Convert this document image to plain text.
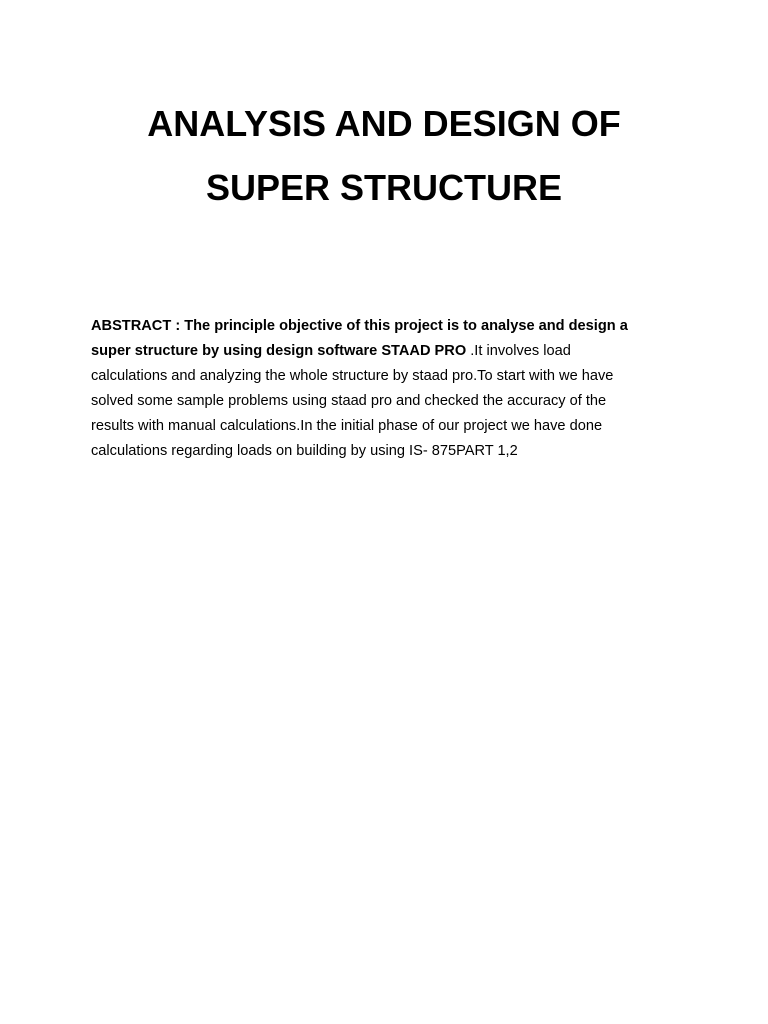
ANALYSIS AND DESIGN OF
SUPER STRUCTURE

ABSTRACT : The principle objective of this project is to analyse and design a
super structure by using design software STAAD PRO .It involves load
calculations and analyzing the whole structure by staad pro.To start with we have
solved some sample problems using staad pro and checked the accuracy of the
results with manual calculations.In the initial phase of our project we have done
calculations regarding loads on building by using IS- 875PART 1,2
